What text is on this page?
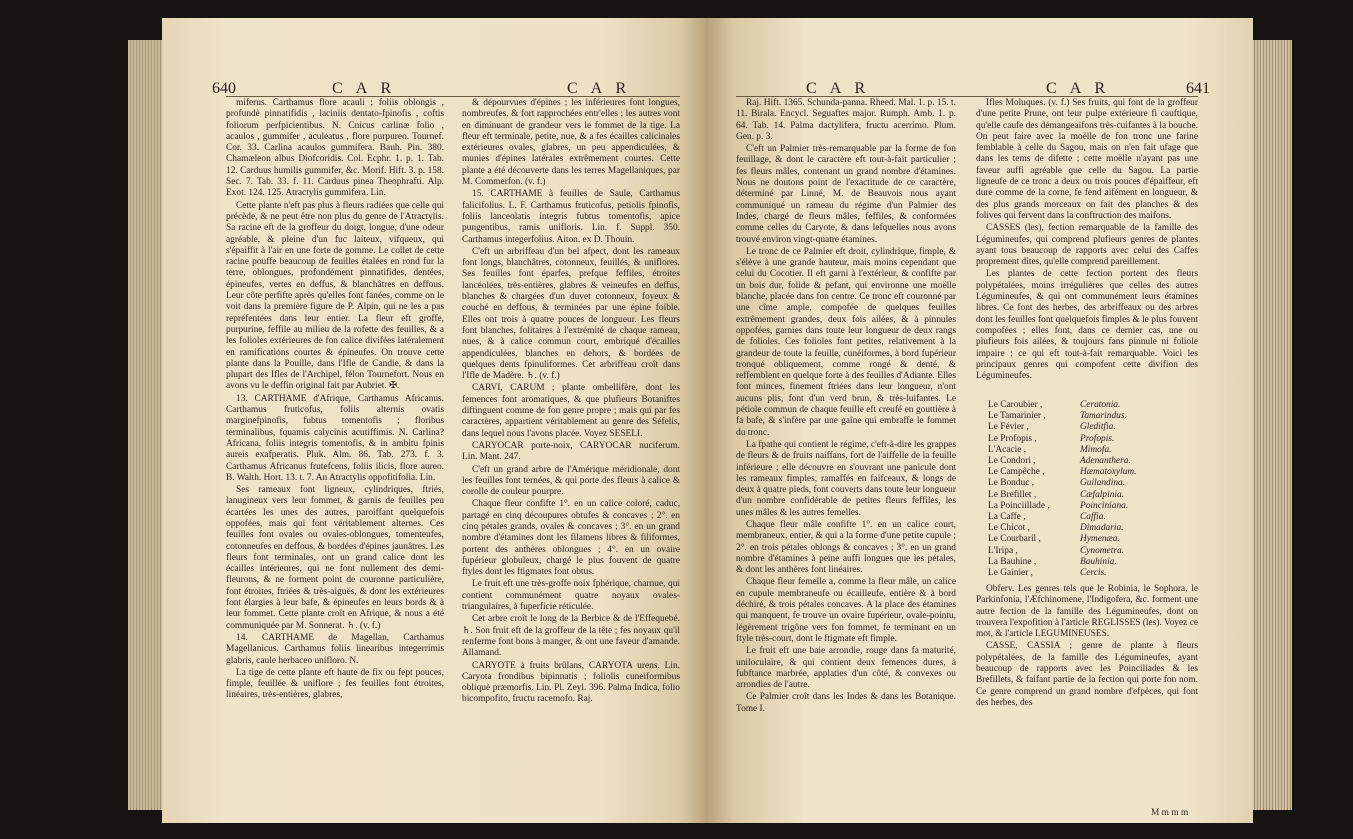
640	C A R	C A R

miferus. Carthamus flore acauli ; foliis oblongis , profundè pinnatifidis , laciniis dentato-fpinofis , coftis foliorum perfpicientibus. N. Cnicus carlinæ folio , acaulos , gummifer , aculeatus , flore purpureo. Tournef. Cor. 33. Carlina acaulos gummifera. Bauh. Pin. 380. Chamæleon albus Diofcoridis. Col. Ecphr. 1. p. 1. Tab. 12. Carduus humilis gummifer, &c. Morif. Hift. 3. p. 158. Sec. 7. Tab. 33. f. 11. Carduus pinea Theophrafti. Alp. Exot. 124. 125. Atractylis gummifera. Lin.

Cette plante n'eft pas plus à fleurs radiées que celle qui précède, & ne peut être non plus du genre de l'Atractylis. Sa racine eft de la groffeur du doigt, longue, d'une odeur agréable, & pleine d'un fuc laiteux, vifqueux, qui s'épaiffit à l'air en une forte de gomme. Le collet de cette racine pouffe beaucoup de feuilles étalées en rond fur la terre, oblongues, profondément pinnatifides, dentées, épineufes, vertes en deffus, & blanchâtres en deffous. Leur côte perfifte après qu'elles font fanées, comme on le voit dans la première figure de P. Alpin, qui ne les a pas repréfentées dans leur entier. La fleur eft groffe, purpurine, feffile au milieu de la rofette des feuilles, & a les folioles extérieures de fon calice divifées latéralement en ramifications courtes & épineufes. On trouve cette plante dans la Pouille, dans l'Ifle de Candie, & dans la plupart des Ifles de l'Archipel, félon Tournefort. Nous en avons vu le deffin original fait par Aubriet. ✠.

13. CARTHAME d'Afrique, Carthamus Africanus. Carthamus fruticofus, foliis alternis ovatis marginefpinofis, fubtus tomentofis ; floribus terminalibus, fquamis calycinis acutiffimis. N. Carlina? Africana, foliis integris tomentofis, & in ambitu fpinis aureis exafperatis. Pluk. Alm. 86. Tab. 273. f. 3. Carthamus Africanus frutefcens, foliis ilicis, flore aureo. B. Walth. Hort. 13. t. 7. An Atractylis oppofitifolia. Lin.

Ses rameaux font ligneux, cylindriques, ftriés, lanugineux vers leur fommet, & garnis de feuilles peu écartées les unes des autres, paroiffant quelquefois oppofées, mais qui font véritablement alternes. Ces feuilles font ovales ou ovales-oblongues, tomenteufes, cotonneufes en deffous, & bordées d'épines jaunâtres. Les fleurs font terminales, ont un grand calice dont les écailles intérieures, qui ne font nullement des demi-fleurons, & ne forment point de couronne particulière, font étroites, ftriées & très-aiguës, & dont les extérieures font élargies à leur bafe, & épineufes en leurs bords & à leur fommet. Cette plante croît en Afrique, & nous a été communiquée par M. Sonnerat. ♄. (v. f.)

14. CARTHAME de Magellan, Carthamus Magellanicus. Carthamus foliis linearibus integerrimis glabris, caule herbaceo unifloro. N.

La tige de cette plante eft haute de fix ou fept pouces, fimple, feuillée & uniflore ; fes feuilles font étroites, linéaires, très-entières, glabres,

& dépourvues d'épines ; les inférieures font longues, nombreufes, & fort rapprochées entr'elles ; les autres vont en diminuant de grandeur vers le fommet de la tige. La fleur eft terminale, petite, nue, & a fes écailles calicinales extérieures ovales, glabres, un peu appendiculées, & munies d'épines latérales extrêmement courtes. Cette plante a été découverte dans les terres Magellaniques, par M. Commerfon. (v. f.)

15. CARTHAME à feuilles de Saule, Carthamus falicifolius. L. F. Carthamus fruticofus, petiolis fpinofis, foliis lanceolatis integris fubtus tomentofis, apice pungentibus, ramis unifloris. Lin. f. Suppl. 350. Carthamus integerfolius. Aiton. ex D. Thouin.

C'eft un arbriffeau d'un bel afpect, dont les rameaux font longs, blanchâtres, cotonneux, feuillés, & uniflores. Ses feuilles font éparfes, prefque feffiles, étroites lancéolées, très-entières, glabres & veineufes en deffus, blanches & chargées d'un duvet cotonneux, foyeux & couché en deffous, & terminées par une épine foible. Elles ont trois à quatre pouces de longueur. Les fleurs font blanches, folitaires à l'extrémité de chaque rameau, nues, & à calice commun court, embriqué d'écailles appendiculées, blanches en dehors, & bordées de quelques dents fpinuliformes. Cet arbriffeau croît dans l'Ifle de Madère. ♄. (v. f.)

CARVI, CARUM ; plante ombellifère, dont les femences font aromatiques, & que plufieurs Botaniftes diftinguent comme de fon genre propre ; mais qui par fes caractères, appartient véritablement au genre des Séfelis, dans lequel nous l'avons placée. Voyez SESELI.

CARYOCAR porte-noix, CARYOCAR nuciferum. Lin. Mant. 247.

C'eft un grand arbre de l'Amérique méridionale, dont les feuilles font ternées, & qui porte des fleurs à calice & corolle de couleur pourpre.

Chaque fleur confifte 1°. en un calice coloré, caduc, partagé en cinq découpures obtufes & concaves ; 2°. en cinq pétales grands, ovales & concaves ; 3°. en un grand nombre d'étamines dont les filamens libres & filiformes, portent des anthères oblongues ; 4°. en un ovaire fupérieur globuleux, chargé le plus fouvent de quatre ftyles dont les ftigmates font obtus.

Le fruit eft une très-groffe noix fphérique, charnue, qui contient communément quatre noyaux ovales-triangulaires, à fuperficie réticulée.

Cet arbre croît le long de la Berbice & de l'Effequebé. ♄. Son fruit eft de la groffeur de la tête ; fes noyaux qu'il renferme font bons à manger, & ont une faveur d'amande. Allamand.

CARYOTE à fruits brûlans, CARYOTA urens. Lin. Caryota frondibus bipinnatis ; foliolis cuneiformibus obliquè præmorfis. Lin. Pl. Zeyl. 396. Palma Indica, folio bicompofito, fructu racemofo. Raj.

C A R	C A R	641

Raj. Hift. 1365. Schunda-panna. Rheed. Mal. 1. p. 15. t. 11. Birala. Encycl. Seguaftes major. Rumph. Amb. 1. p. 64. Tab. 14. Palma dactylifera, fructu acerrimo. Plum. Gen. p. 3.

C'eft un Palmier très-remarquable par la forme de fon feuillage, & dont le caractère eft tout-à-fait particulier ; fes fleurs mâles, contenant un grand nombre d'étamines. Nous ne doutons point de l'exactitude de ce caractère, déterminé par Linné, M. de Beauvois nous ayant communiqué un rameau du régime d'un Palmier des Indes, chargé de fleurs mâles, feffiles, & conformées comme celles du Caryote, & dans lefquelles nous avons trouvé environ vingt-quatre étamines.

Le tronc de ce Palmier eft droit, cylindrique, fimple, & s'élève à une grande hauteur, mais moins cependant que celui du Cocotier. Il eft garni à l'extérieur, & confifte par un bois dur, folide & pefant, qui environne une moëlle blanche, placée dans fon centre. Ce tronc eft couronné par une cîme ample, compofée de quelques feuilles extrêmement grandes, deux fois ailées, & à pinnules oppofées, garnies dans toute leur longueur de deux rangs de folioles. Ces folioles font petites, relativement à la grandeur de toute la feuille, cunéiformes, à bord fupérieur tronqué obliquement, comme rongé & denté, & reffemblent en quelque forte à des feuilles d'Adiante. Elles font minces, finement ftriées dans leur longueur, n'ont aucuns plis, font d'un verd brun, & très-luifantes. Le pétiole commun de chaque feuille eft creufé en gouttière à fa bafe, & s'infère par une gaîne qui embraffe le fommet du tronc.

La fpathe qui contient le régime, c'eft-à-dire les grappes de fleurs & de fruits naiffans, fort de l'aiffelle de la feuille inférieure ; elle découvre en s'ouvrant une panicule dont les rameaux fimples, ramaffés en faifceaux, & longs de deux à quatre pieds, font couverts dans toute leur longueur d'un nombre confidérable de petites fleurs feffiles, les unes mâles & les autres femelles.

Chaque fleur mâle confifte 1°. en un calice court, membraneux, entier, & qui a la forme d'une petite cupule ; 2°. en trois pétales oblongs & concaves ; 3°. en un grand nombre d'étamines à peine auffi longues que les pétales, & dont les anthères font linéaires.

Chaque fleur femelle a, comme la fleur mâle, un calice en cupule membraneufe ou écailleufe, entière & à bord déchiré, & trois pétales concaves. A la place des étamines qui manquent, fe trouve un ovaire fupérieur, ovale-pointu, légèrement trigône vers fon fommet, fe terminant en un ftyle très-court, dont le ftigmate eft fimple.

Le fruit eft une baie arrondie, rouge dans fa maturité, uniloculaire, & qui contient deux femences dures, à fubftance marbrée, applaties d'un côté, & convexes ou arrondies de l'autre.

Ce Palmier croît dans les Indes & dans les Botanique. Tome I.

Ifles Moluques. (v. f.) Ses fruits, qui font de la groffeur d'une petite Prune, ont leur pulpe extérieure fi cauftique, qu'elle caufe des démangeaifons très-cuifantes à la bouche. On peut faire avec la moëlle de fon tronc une farine femblable à celle du Sagou, mais on n'en fait ufage que dans les tems de difette ; cette moëlle n'ayant pas une faveur auffi agréable que celle du Sagou. La partie ligneufe de ce tronc a deux ou trois pouces d'épaiffeur, eft dure comme de la corne, fe fend aifément en longueur, & des plus grands morceaux on fait des planches & des folives qui fervent dans la conftruction des maifons.

CASSES (les), fection remarquable de la famille des Légumineufes, qui comprend plufieurs genres de plantes ayant tous beaucoup de rapports avec celui des Caffes proprement dites, qu'elle comprend pareillement.

Les plantes de cette fection portent des fleurs polypétalées, moins irrégulières que celles des autres Légumineufes, & qui ont communément leurs étamines libres. Ce font des herbes, des arbriffeaux ou des arbres dont les feuilles font quelquefois fimples & le plus fouvent compofées ; elles font, dans ce dernier cas, une ou plufieurs fois ailées, & toujours fans pinnule ni foliole impaire ; ce qui eft tout-à-fait remarquable. Voici les principaux genres qui compofent cette divifion des Légumineufes.

Le Caroubier ,	Ceratonia.
Le Tamarinier ,	Tamarindus.
Le Févier ,	Gleditfia.
Le Profopis ,	Profopis.
L'Acacie ,	Mimofa.
Le Condori ,	Adenanthera.
Le Campêche ,	Hæmatoxylum.
Le Bonduc ,	Guilandina.
Le Brefillet ,	Cæfalpinia.
La Poinciillade ,	Poinciniana.
La Caffe ,	Caffia.
Le Chicot ,	Dimadaria.
Le Courbaril ,	Hymenæa.
L'Iripa ,	Cynometra.
La Bauhine ,	Bauhinia.
Le Gainier ,	Cercis.

Obferv. Les genres tels que le Robinia, le Sophora, le Parkinfonia, l'Æfchinomene, l'Indigofera, &c. forment une autre fection de la famille des Légumineufes, dont on trouvera l'expofition à l'article REGLISSES (les). Voyez ce mot, & l'article LEGUMINEUSES.

CASSE, CASSIA ; genre de plante à fleurs polypétalées, de la famille des Légumineufes, ayant beaucoup de rapports avec les Poinciliades & les Brefillets, & faifant partie de la fection qui porte fon nom. Ce genre comprend un grand nombre d'efpèces, qui font des herbes, des

M m m m
